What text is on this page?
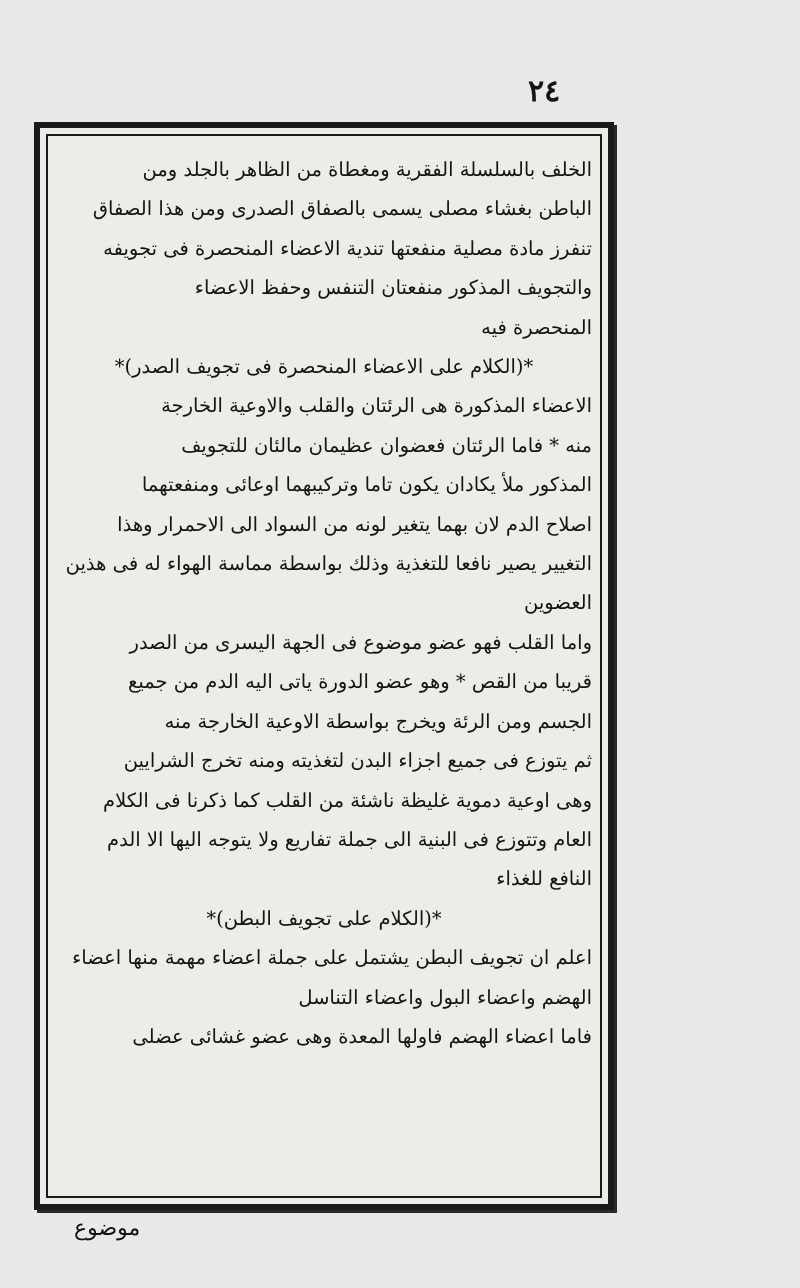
٢٤
الخلف بالسلسلة الفقرية ومغطاة من الظاهر بالجلد ومن
الباطن بغشاء مصلى يسمى بالصفاق الصدرى ومن هذا الصفاق
تنفرز مادة مصلية منفعتها تندية الاعضاء المنحصرة فى تجويفه
والتجويف المذكور منفعتان التنفس وحفظ الاعضاء
المنحصرة فيه
*(الكلام على الاعضاء المنحصرة فى تجويف الصدر)*
الاعضاء المذكورة هى الرئتان والقلب والاوعية الخارجة
منه * فاما الرئتان فعضوان عظيمان مالئان للتجويف
المذكور ملأ يكادان يكون تاما وتركيبهما اوعائى ومنفعتهما
اصلاح الدم لان بهما يتغير لونه من السواد الى الاحمرار وهذا
التغيير يصير نافعا للتغذية وذلك بواسطة مماسة الهواء له فى هذين
العضوين
واما القلب فهو عضو موضوع فى الجهة اليسرى من الصدر
قريبا من القص * وهو عضو الدورة ياتى اليه الدم من جميع
الجسم ومن الرئة ويخرج بواسطة الاوعية الخارجة منه
ثم يتوزع فى جميع اجزاء البدن لتغذيته ومنه تخرج الشرايين
وهى اوعية دموية غليظة ناشئة من القلب كما ذكرنا فى الكلام
العام وتتوزع فى البنية الى جملة تفاريع ولا يتوجه اليها الا الدم
النافع للغذاء
*(الكلام على تجويف البطن)*
اعلم ان تجويف البطن يشتمل على جملة اعضاء مهمة منها اعضاء
الهضم واعضاء البول واعضاء التناسل
فاما اعضاء الهضم فاولها المعدة وهى عضو غشائى عضلى
موضوع
